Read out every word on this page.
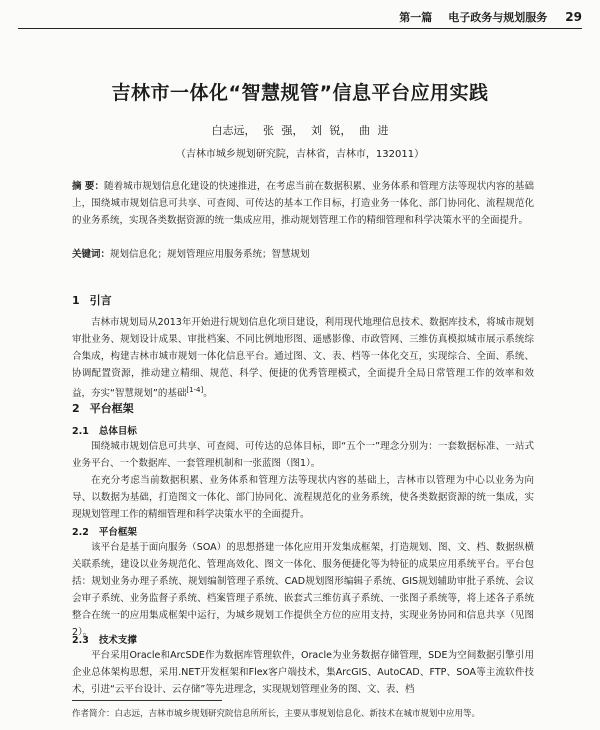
第一篇 电子政务与规划服务 29
吉林市一体化“智慧规管”信息平台应用实践
白志远， 张 强， 刘 锐， 曲 进
（吉林市城乡规划研究院，吉林省，吉林市，132011）
摘 要：随着城市规划信息化建设的快速推进，在考虑当前在数据积累、业务体系和管理方法等现状内容的基础上，围绕城市规划信息可共享、可查阅、可传达的基本工作目标，打造业务一体化、部门协同化、流程规范化的业务系统，实现各类数据资源的统一集成应用，推动规划管理工作的精细管理和科学决策水平的全面提升。
关键词：规划信息化；规划管理应用服务系统；智慧规划
1 引言
吉林市规划局从2013年开始进行规划信息化项目建设，利用现代地理信息技术、数据库技术，将城市规划审批业务、规划设计成果、审批档案、不同比例地形图、遥感影像、市政管网、三维仿真模拟城市展示系统综合集成，构建吉林市城市规划一体化信息平台。通过图、文、表、档等一体化交互，实现综合、全面、系统、协调配置资源，推动建立精细、规范、科学、便捷的优秀管理模式，全面提升全局日常管理工作的效率和效益，夯实“智慧规划”的基础[1-4]。
2 平台框架
2.1 总体目标
围绕城市规划信息可共享、可查阅、可传达的总体目标，即“五个一”理念分别为：一套数据标准、一站式业务平台、一个数据库、一套管理机制和一张蓝图（图1）。
在充分考虑当前数据积累、业务体系和管理方法等现状内容的基础上，吉林市以管理为中心以业务为向导、以数据为基础，打造图文一体化、部门协同化、流程规范化的业务系统，使各类数据资源的统一集成，实现规划管理工作的精细管理和科学决策水平的全面提升。
2.2 平台框架
该平台是基于面向服务（SOA）的思想搭建一体化应用开发集成框架，打造规划、图、文、档、数据纵横关联系统，建设以业务规范化、管理高效化、图文一体化、服务便捷化等为特征的成果应用系统平台。平台包括：规划业务办理子系统、规划编制管理子系统、CAD规划图形编辑子系统、GIS规划辅助审批子系统、会议会审子系统、业务监督子系统、档案管理子系统、嵌套式三维仿真子系统、一张图子系统等，将上述各子系统整合在统一的应用集成框架中运行，为城乡规划工作提供全方位的应用支持，实现业务协同和信息共享（见图2）。
2.3 技术支撑
平台采用Oracle和ArcSDE作为数据库管理软件，Oracle为业务数据存储管理，SDE为空间数据引擎引用企业总体架构思想，采用.NET开发框架和Flex客户端技术，集ArcGIS、AutoCAD、FTP、SOA等主流软件技术，引进“云平台设计、云存储”等先进理念，实现规划管理业务的图、文、表、档
作者简介：白志远，吉林市城乡规划研究院信息所所长，主要从事规划信息化、新技术在城市规划中应用等。
